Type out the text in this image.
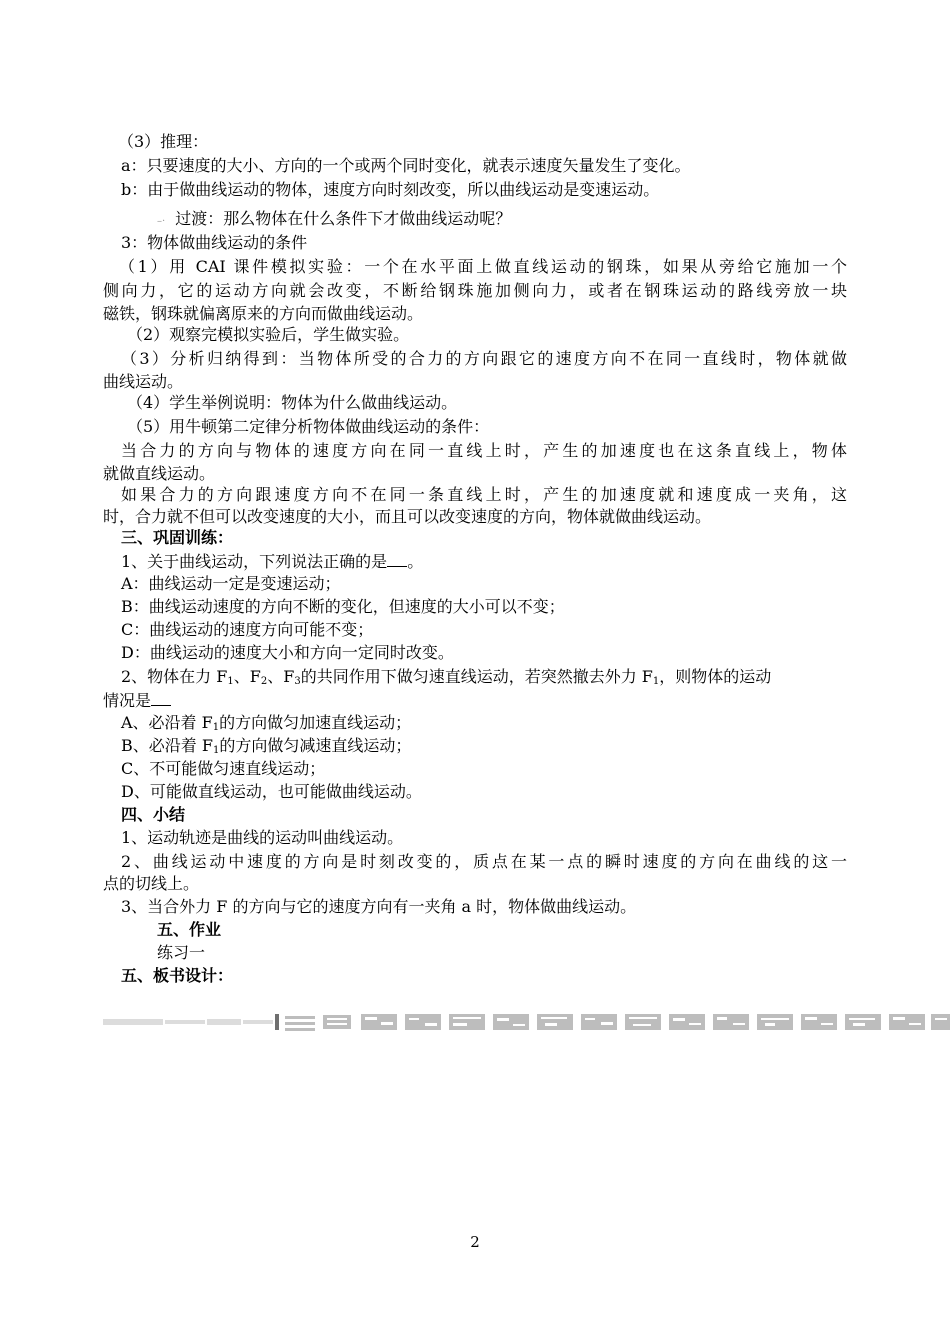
（3）推理：
a：只要速度的大小、方向的一个或两个同时变化，就表示速度矢量发生了变化。
b：由于做曲线运动的物体，速度方向时刻改变，所以曲线运动是变速运动。
–· 过渡：那么物体在什么条件下才做曲线运动呢？
3：物体做曲线运动的条件
（1）用 CAI 课件模拟实验：一个在水平面上做直线运动的钢珠，如果从旁给它施加一个
侧向力，它的运动方向就会改变，不断给钢珠施加侧向力，或者在钢珠运动的路线旁放一块
磁铁，钢珠就偏离原来的方向而做曲线运动。
（2）观察完模拟实验后，学生做实验。
（3）分析归纳得到：当物体所受的合力的方向跟它的速度方向不在同一直线时，物体就做
曲线运动。
（4）学生举例说明：物体为什么做曲线运动。
（5）用牛顿第二定律分析物体做曲线运动的条件：
当合力的方向与物体的速度方向在同一直线上时，产生的加速度也在这条直线上，物体
就做直线运动。
如果合力的方向跟速度方向不在同一条直线上时，产生的加速度就和速度成一夹角，这
时，合力就不但可以改变速度的大小，而且可以改变速度的方向，物体就做曲线运动。
三、巩固训练：
1、关于曲线运动，下列说法正确的是 。
A：曲线运动一定是变速运动；
B：曲线运动速度的方向不断的变化，但速度的大小可以不变；
C：曲线运动的速度方向可能不变；
D：曲线运动的速度大小和方向一定同时改变。
2、物体在力 $F_1$、$F_2$、$F_3$的共同作用下做匀速直线运动，若突然撤去外力 $F_1$，则物体的运动
情况是
A、必沿着 $F_1$的方向做匀加速直线运动；
B、必沿着 $F_1$的方向做匀减速直线运动；
C、不可能做匀速直线运动；
D、可能做直线运动，也可能做曲线运动。
四、小结
1、运动轨迹是曲线的运动叫曲线运动。
2、曲线运动中速度的方向是时刻改变的，质点在某一点的瞬时速度的方向在曲线的这一
点的切线上。
3、当合外力 F 的方向与它的速度方向有一夹角 a 时，物体做曲线运动。
五、作业
练习一
五、板书设计：
2
